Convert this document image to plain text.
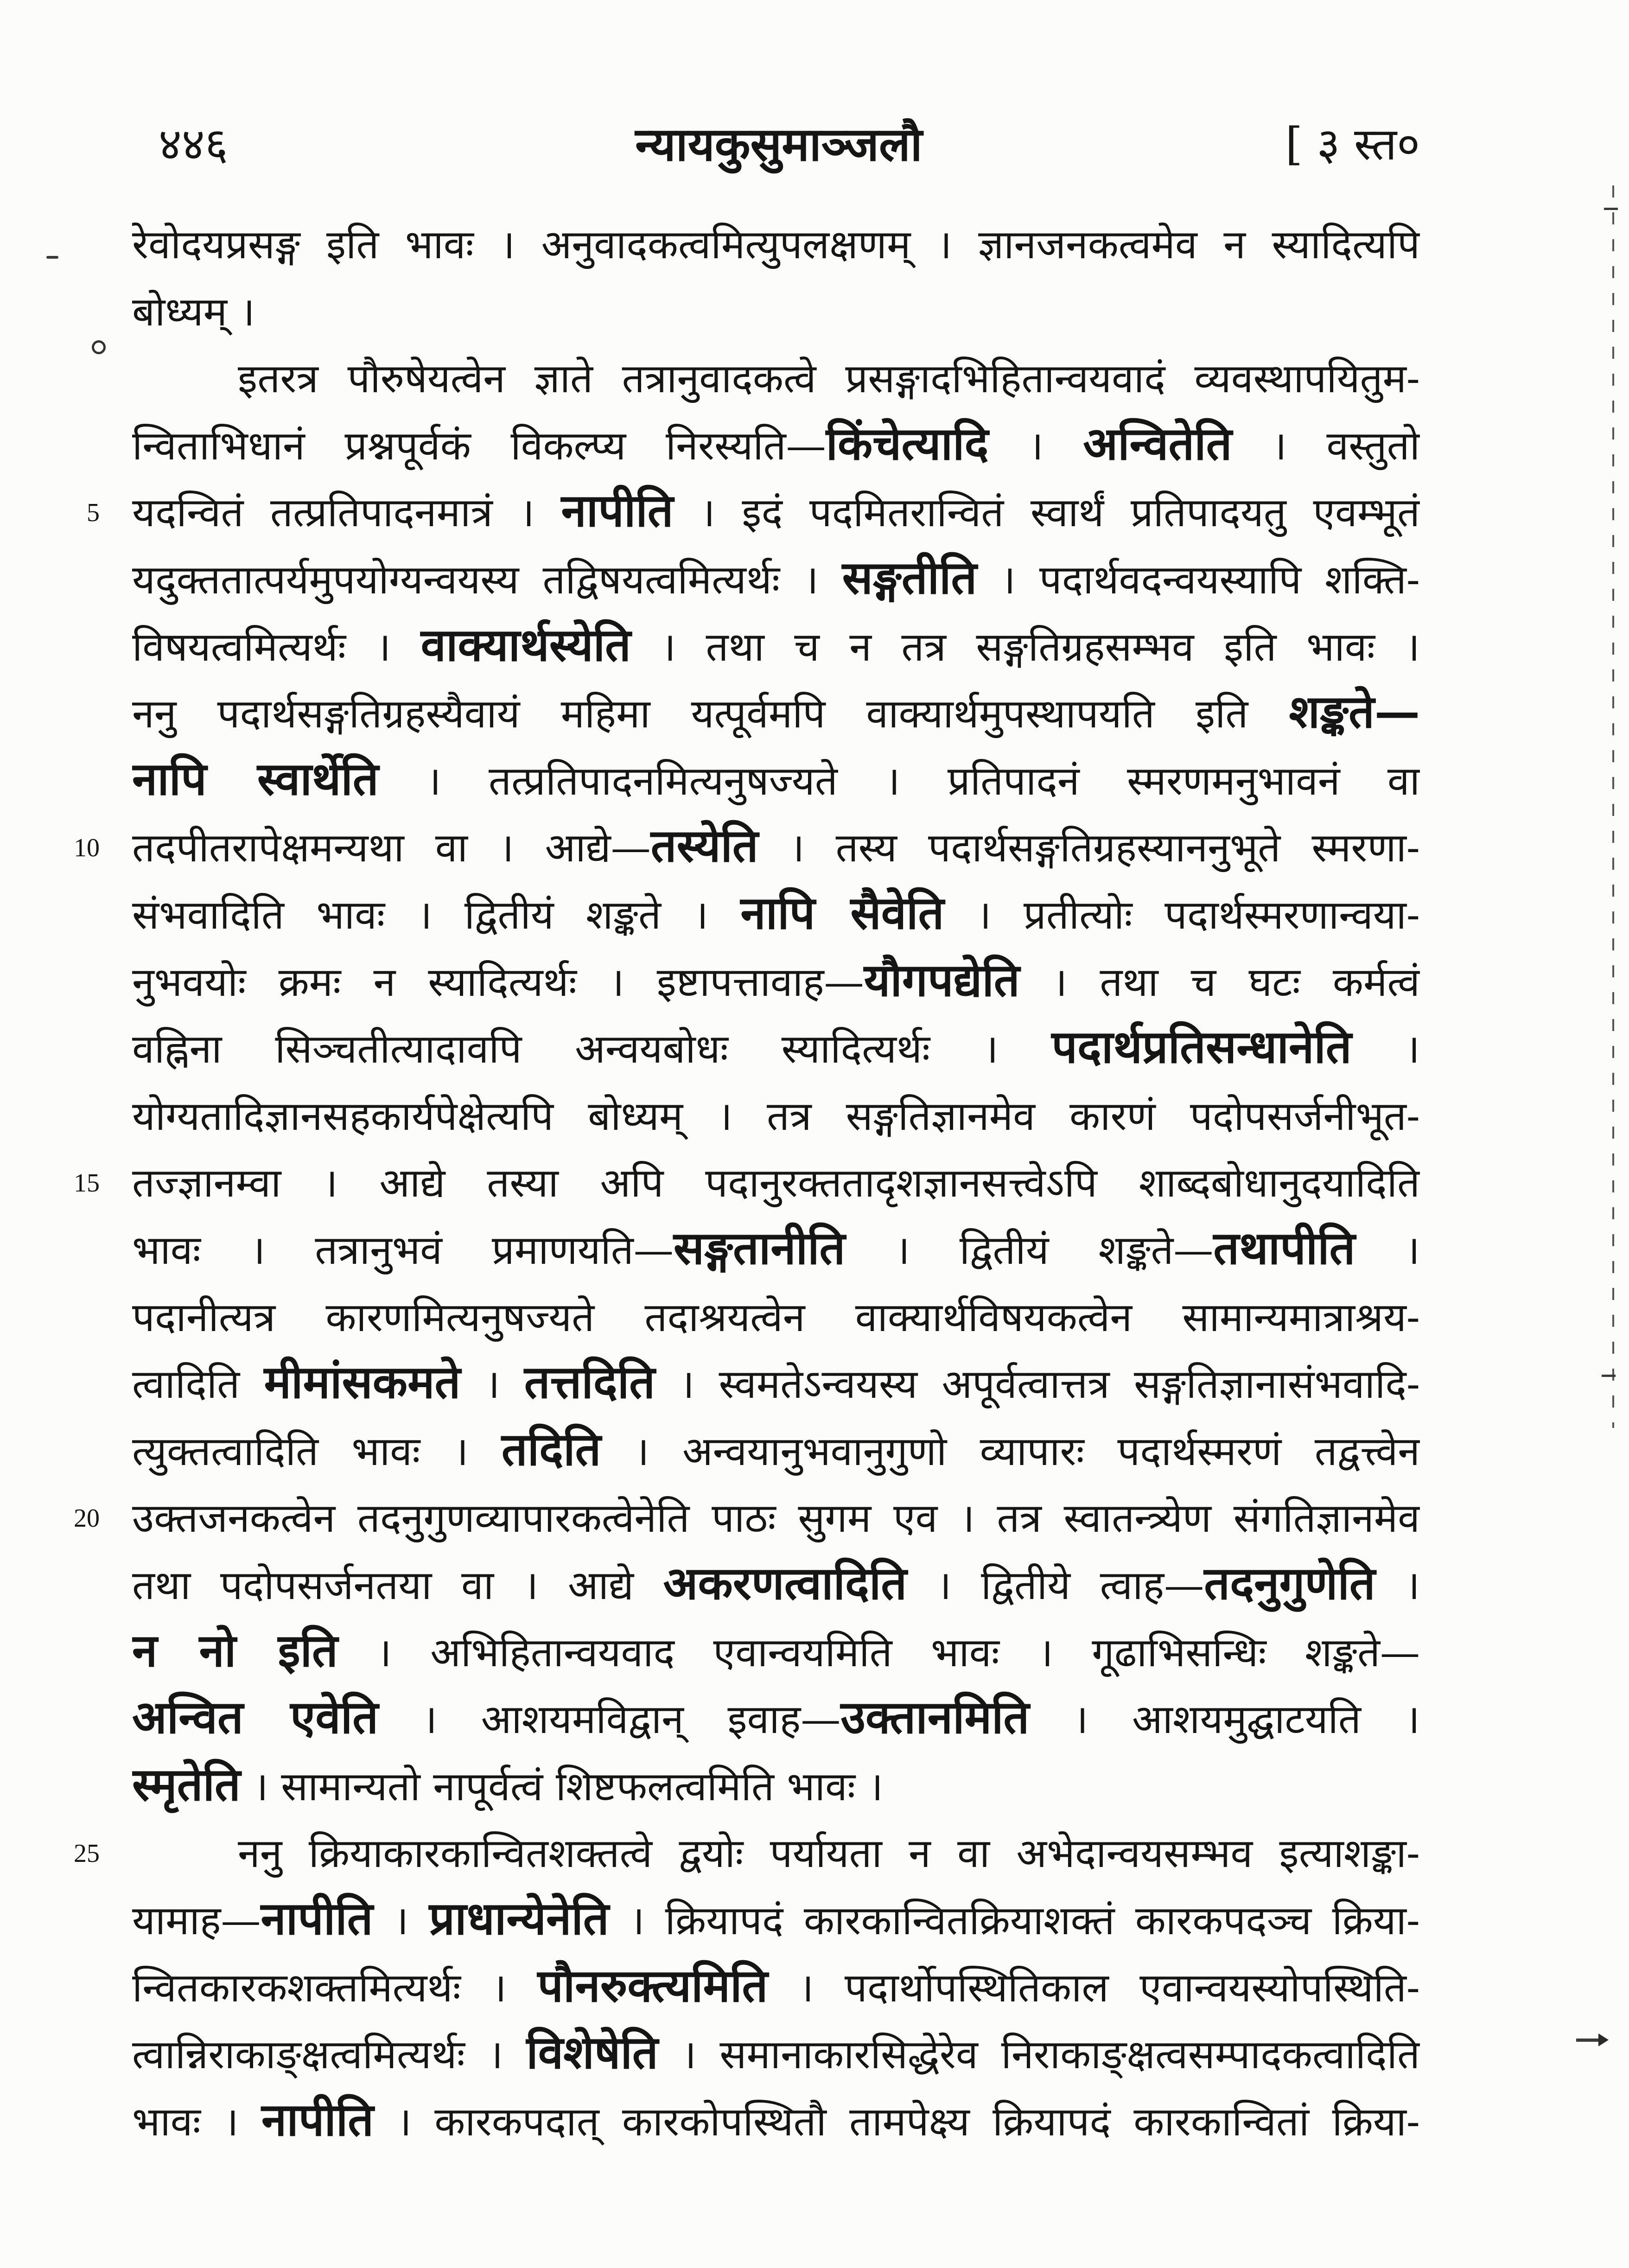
४४६	न्यायकुसुमाञ्जलौ	[ ३ स्त०
रेवोदयप्रसङ्ग इति भावः । अनुवादकत्वमित्युपलक्षणम् । ज्ञानजनकत्वमेव न स्यादित्यपि
बोध्यम् ।
इतरत्र पौरुषेयत्वेन ज्ञाते तत्रानुवादकत्वे प्रसङ्गादभिहितान्वयवादं व्यवस्थापयितुम-
न्विताभिधानं प्रश्नपूर्वकं विकल्प्य निरस्यति—किंचेत्यादि । अन्वितेति । वस्तुतो
यदन्वितं तत्प्रतिपादनमात्रं । नापीति । इदं पदमितरान्वितं स्वार्थं प्रतिपादयतु एवम्भूतं
5
यदुक्ततात्पर्यमुपयोग्यन्वयस्य तद्विषयत्वमित्यर्थः । सङ्गतीति । पदार्थवदन्वयस्यापि शक्ति-
विषयत्वमित्यर्थः । वाक्यार्थस्येति । तथा च न तत्र सङ्गतिग्रहसम्भव इति भावः ।
ननु पदार्थसङ्गतिग्रहस्यैवायं महिमा यत्पूर्वमपि वाक्यार्थमुपस्थापयति इति शङ्कते—
नापि स्वार्थेति । तत्प्रतिपादनमित्यनुषज्यते । प्रतिपादनं स्मरणमनुभावनं वा
तदपीतरापेक्षमन्यथा वा । आद्ये—तस्येति । तस्य पदार्थसङ्गतिग्रहस्याननुभूते स्मरणा-
10
संभवादिति भावः । द्वितीयं शङ्कते । नापि सैवेति । प्रतीत्योः पदार्थस्मरणान्वया-
नुभवयोः क्रमः न स्यादित्यर्थः । इष्टापत्तावाह—यौगपद्येति । तथा च घटः कर्मत्वं
वह्निना सिञ्चतीत्यादावपि अन्वयबोधः स्यादित्यर्थः । पदार्थप्रतिसन्धानेति ।
योग्यतादिज्ञानसहकार्यपेक्षेत्यपि बोध्यम् । तत्र सङ्गतिज्ञानमेव कारणं पदोपसर्जनीभूत-
तज्ज्ञानम्वा । आद्ये तस्या अपि पदानुरक्ततादृशज्ञानसत्त्वेऽपि शाब्दबोधानुदयादिति
15
भावः । तत्रानुभवं प्रमाणयति—सङ्गतानीति । द्वितीयं शङ्कते—तथापीति ।
पदानीत्यत्र कारणमित्यनुषज्यते तदाश्रयत्वेन वाक्यार्थविषयकत्वेन सामान्यमात्राश्रय-
त्वादिति मीमांसकमते । तत्तदिति । स्वमतेऽन्वयस्य अपूर्वत्वात्तत्र सङ्गतिज्ञानासंभवादि-
त्युक्तत्वादिति भावः । तदिति । अन्वयानुभवानुगुणो व्यापारः पदार्थस्मरणं तद्वत्त्वेन
उक्तजनकत्वेन तदनुगुणव्यापारकत्वेनेति पाठः सुगम एव । तत्र स्वातन्त्र्येण संगतिज्ञानमेव
20
तथा पदोपसर्जनतया वा । आद्ये अकरणत्वादिति । द्वितीये त्वाह—तदनुगुणेति ।
न नो इति । अभिहितान्वयवाद एवान्वयमिति भावः । गूढाभिसन्धिः शङ्कते—
अन्वित एवेति । आशयमविद्वान् इवाह—उक्तानमिति । आशयमुद्घाटयति ।
स्मृतेति । सामान्यतो नापूर्वत्वं शिष्टफलत्वमिति भावः ।
ननु क्रियाकारकान्वितशक्तत्वे द्वयोः पर्यायता न वा अभेदान्वयसम्भव इत्याशङ्का-
25
यामाह—नापीति । प्राधान्येनेति । क्रियापदं कारकान्वितक्रियाशक्तं कारकपदञ्च क्रिया-
न्वितकारकशक्तमित्यर्थः । पौनरुक्त्यमिति । पदार्थोपस्थितिकाल एवान्वयस्योपस्थिति-
त्वान्निराकाङ्क्षत्वमित्यर्थः । विशेषेति । समानाकारसिद्धेरेव निराकाङ्क्षत्वसम्पादकत्वादिति
भावः । नापीति । कारकपदात् कारकोपस्थितौ तामपेक्ष्य क्रियापदं कारकान्वितां क्रिया-
